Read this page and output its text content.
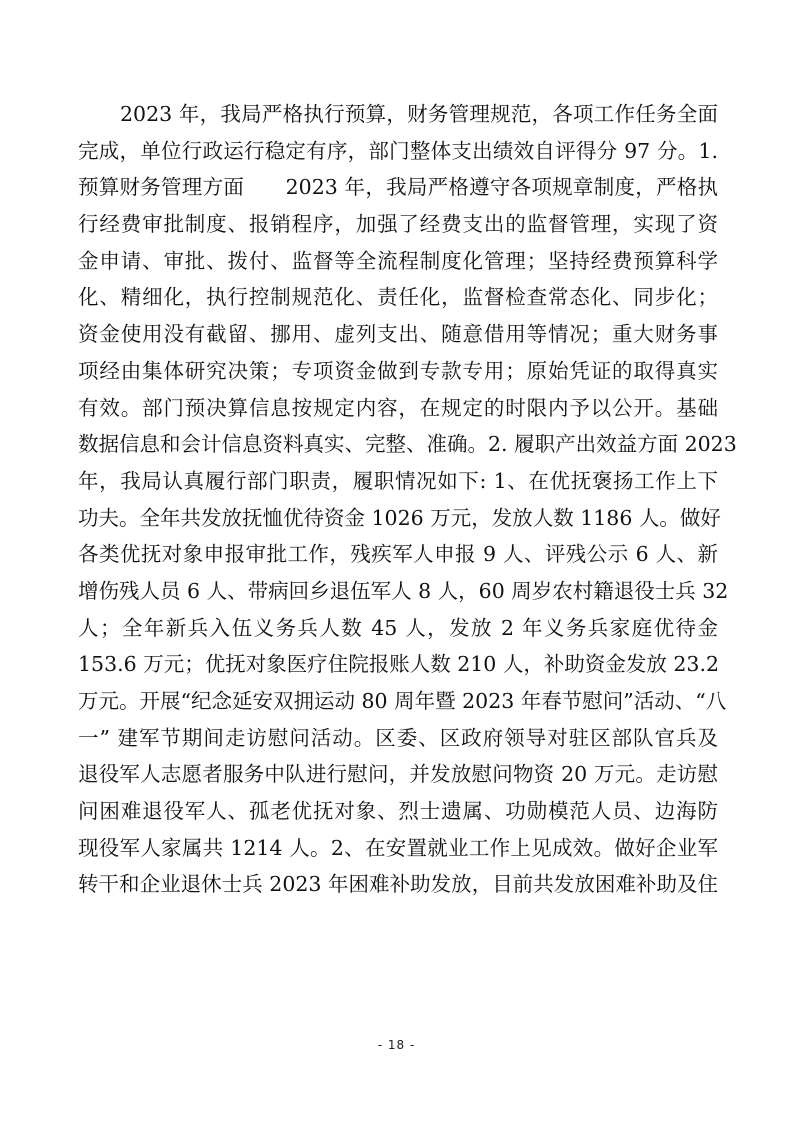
2023 年，我局严格执行预算，财务管理规范，各项工作任务全面
完成，单位行政运行稳定有序，部门整体支出绩效自评得分 97 分。1.
预算财务管理方面　　2023 年，我局严格遵守各项规章制度，严格执
行经费审批制度、报销程序，加强了经费支出的监督管理，实现了资
金申请、审批、拨付、监督等全流程制度化管理；坚持经费预算科学
化、精细化，执行控制规范化、责任化，监督检查常态化、同步化；
资金使用没有截留、挪用、虚列支出、随意借用等情况；重大财务事
项经由集体研究决策；专项资金做到专款专用；原始凭证的取得真实
有效。部门预决算信息按规定内容，在规定的时限内予以公开。基础
数据信息和会计信息资料真实、完整、准确。2. 履职产出效益方面 2023
年，我局认真履行部门职责，履职情况如下: 1、在优抚褒扬工作上下
功夫。全年共发放抚恤优待资金 1026 万元，发放人数 1186 人。做好
各类优抚对象申报审批工作，残疾军人申报 9 人、评残公示 6 人、新
增伤残人员 6 人、带病回乡退伍军人 8 人，60 周岁农村籍退役士兵 32
人；全年新兵入伍义务兵人数 45 人，发放 2 年义务兵家庭优待金
153.6 万元；优抚对象医疗住院报账人数 210 人，补助资金发放 23.2
万元。开展“纪念延安双拥运动 80 周年暨 2023 年春节慰问”活动、“八
一” 建军节期间走访慰问活动。区委、区政府领导对驻区部队官兵及
退役军人志愿者服务中队进行慰问，并发放慰问物资 20 万元。走访慰
问困难退役军人、孤老优抚对象、烈士遗属、功勋模范人员、边海防
现役军人家属共 1214 人。2、在安置就业工作上见成效。做好企业军
转干和企业退休士兵 2023 年困难补助发放，目前共发放困难补助及住
- 18 -
